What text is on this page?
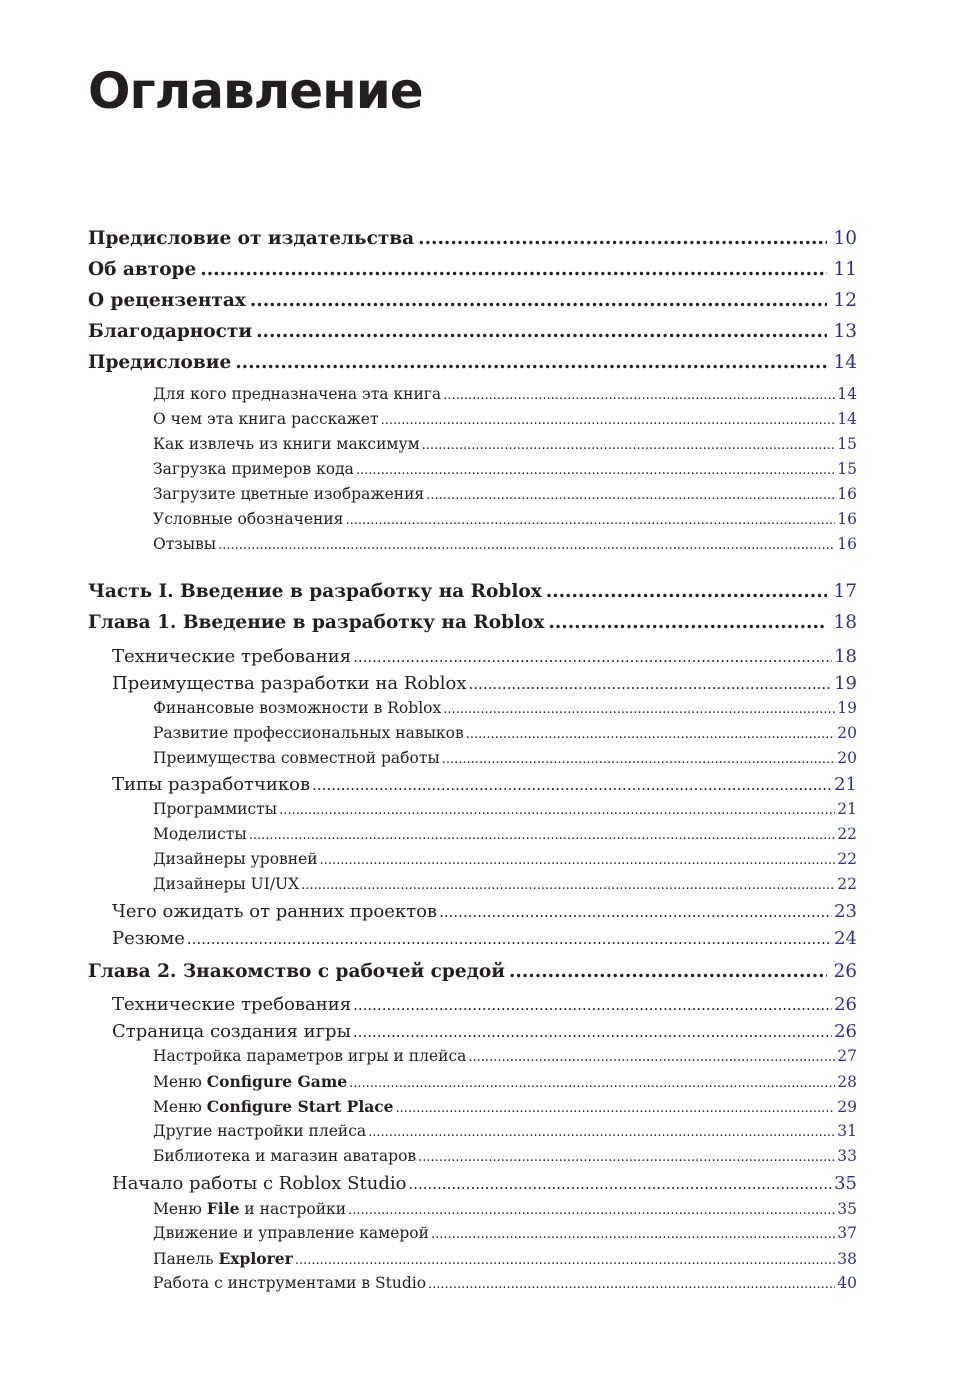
Оглавление
Предисловие от издательства .....	10
Об авторе .....	11
О рецензентах .....	12
Благодарности .....	13
Предисловие .....	14
Для кого предназначена эта книга .....	14
О чем эта книга расскажет .....	14
Как извлечь из книги максимум .....	15
Загрузка примеров кода .....	15
Загрузите цветные изображения .....	16
Условные обозначения .....	16
Отзывы .....	16
Часть I. Введение в разработку на Roblox .....	17
Глава 1. Введение в разработку на Roblox .....	18
Технические требования .....	18
Преимущества разработки на Roblox .....	19
Финансовые возможности в Roblox .....	19
Развитие профессиональных навыков .....	20
Преимущества совместной работы .....	20
Типы разработчиков .....	21
Программисты .....	21
Моделисты .....	22
Дизайнеры уровней .....	22
Дизайнеры UI/UX .....	22
Чего ожидать от ранних проектов .....	23
Резюме .....	24
Глава 2. Знакомство с рабочей средой .....	26
Технические требования .....	26
Страница создания игры .....	26
Настройка параметров игры и плейса .....	27
Меню Configure Game .....	28
Меню Configure Start Place .....	29
Другие настройки плейса .....	31
Библиотека и магазин аватаров .....	33
Начало работы с Roblox Studio .....	35
Меню File и настройки .....	35
Движение и управление камерой .....	37
Панель Explorer .....	38
Работа с инструментами в Studio .....	40
